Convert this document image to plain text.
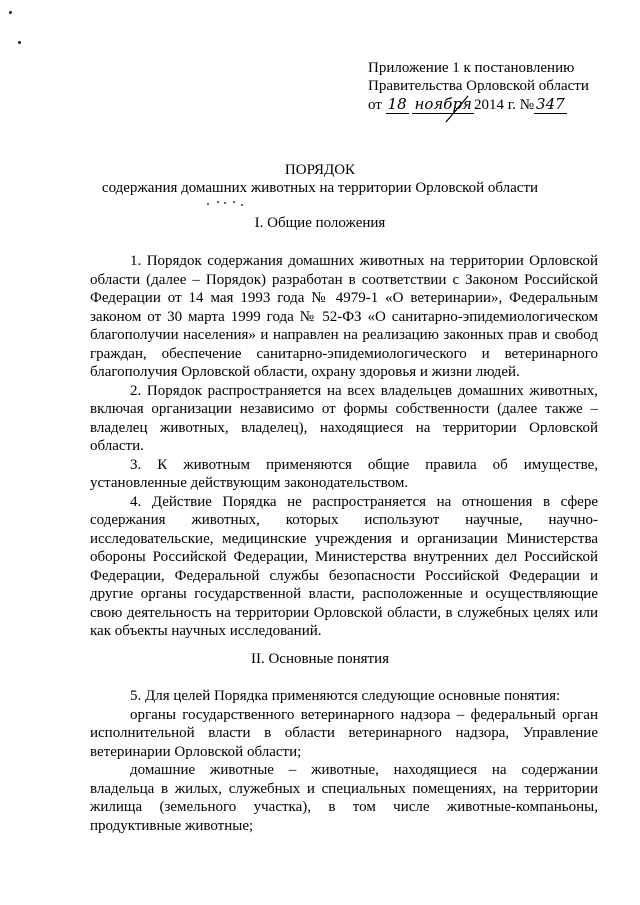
Приложение 1 к постановлению
Правительства Орловской области
от 18 ноября 2014 г. № 347
ПОРЯДОК
содержания домашних животных на территории Орловской области
I. Общие положения

1. Порядок содержания домашних животных на территории Орловской области (далее – Порядок) разработан в соответствии с Законом Российской Федерации от 14 мая 1993 года № 4979-1 «О ветеринарии», Федеральным законом от 30 марта 1999 года № 52-ФЗ «О санитарно-эпидемиологическом благополучии населения» и направлен на реализацию законных прав и свобод граждан, обеспечение санитарно-эпидемиологического и ветеринарного благополучия Орловской области, охрану здоровья и жизни людей.

2. Порядок распространяется на всех владельцев домашних животных, включая организации независимо от формы собственности (далее также – владелец животных, владелец), находящиеся на территории Орловской области.

3. К животным применяются общие правила об имуществе, установленные действующим законодательством.

4. Действие Порядка не распространяется на отношения в сфере содержания животных, которых используют научные, научно-исследовательские, медицинские учреждения и организации Министерства обороны Российской Федерации, Министерства внутренних дел Российской Федерации, Федеральной службы безопасности Российской Федерации и другие органы государственной власти, расположенные и осуществляющие свою деятельность на территории Орловской области, в служебных целях или как объекты научных исследований.

II. Основные понятия

5. Для целей Порядка применяются следующие основные понятия:

органы государственного ветеринарного надзора – федеральный орган исполнительной власти в области ветеринарного надзора, Управление ветеринарии Орловской области;

домашние животные – животные, находящиеся на содержании владельца в жилых, служебных и специальных помещениях, на территории жилища (земельного участка), в том числе животные-компаньоны, продуктивные животные;
